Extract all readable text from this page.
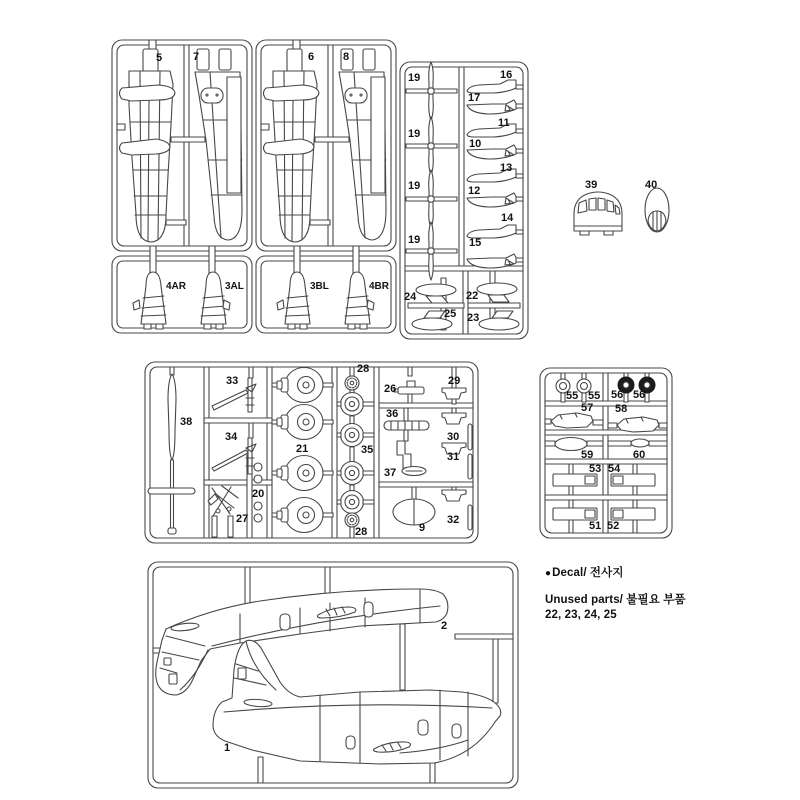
5	7
4AR	3AL
6	8
3BL	4BR
19
19
19
19
16
17
11
10
13
12
14
15
24	22
25 23
39	40
38
33
34
27
20
21
28
35
28
26
36
37
9
29
30
31
32
55 55 56 56
57 58
59	60
53 54
51 52
2
1
●Decal/ 전사지
Unused parts/ 불필요 부품
22, 23, 24, 25
